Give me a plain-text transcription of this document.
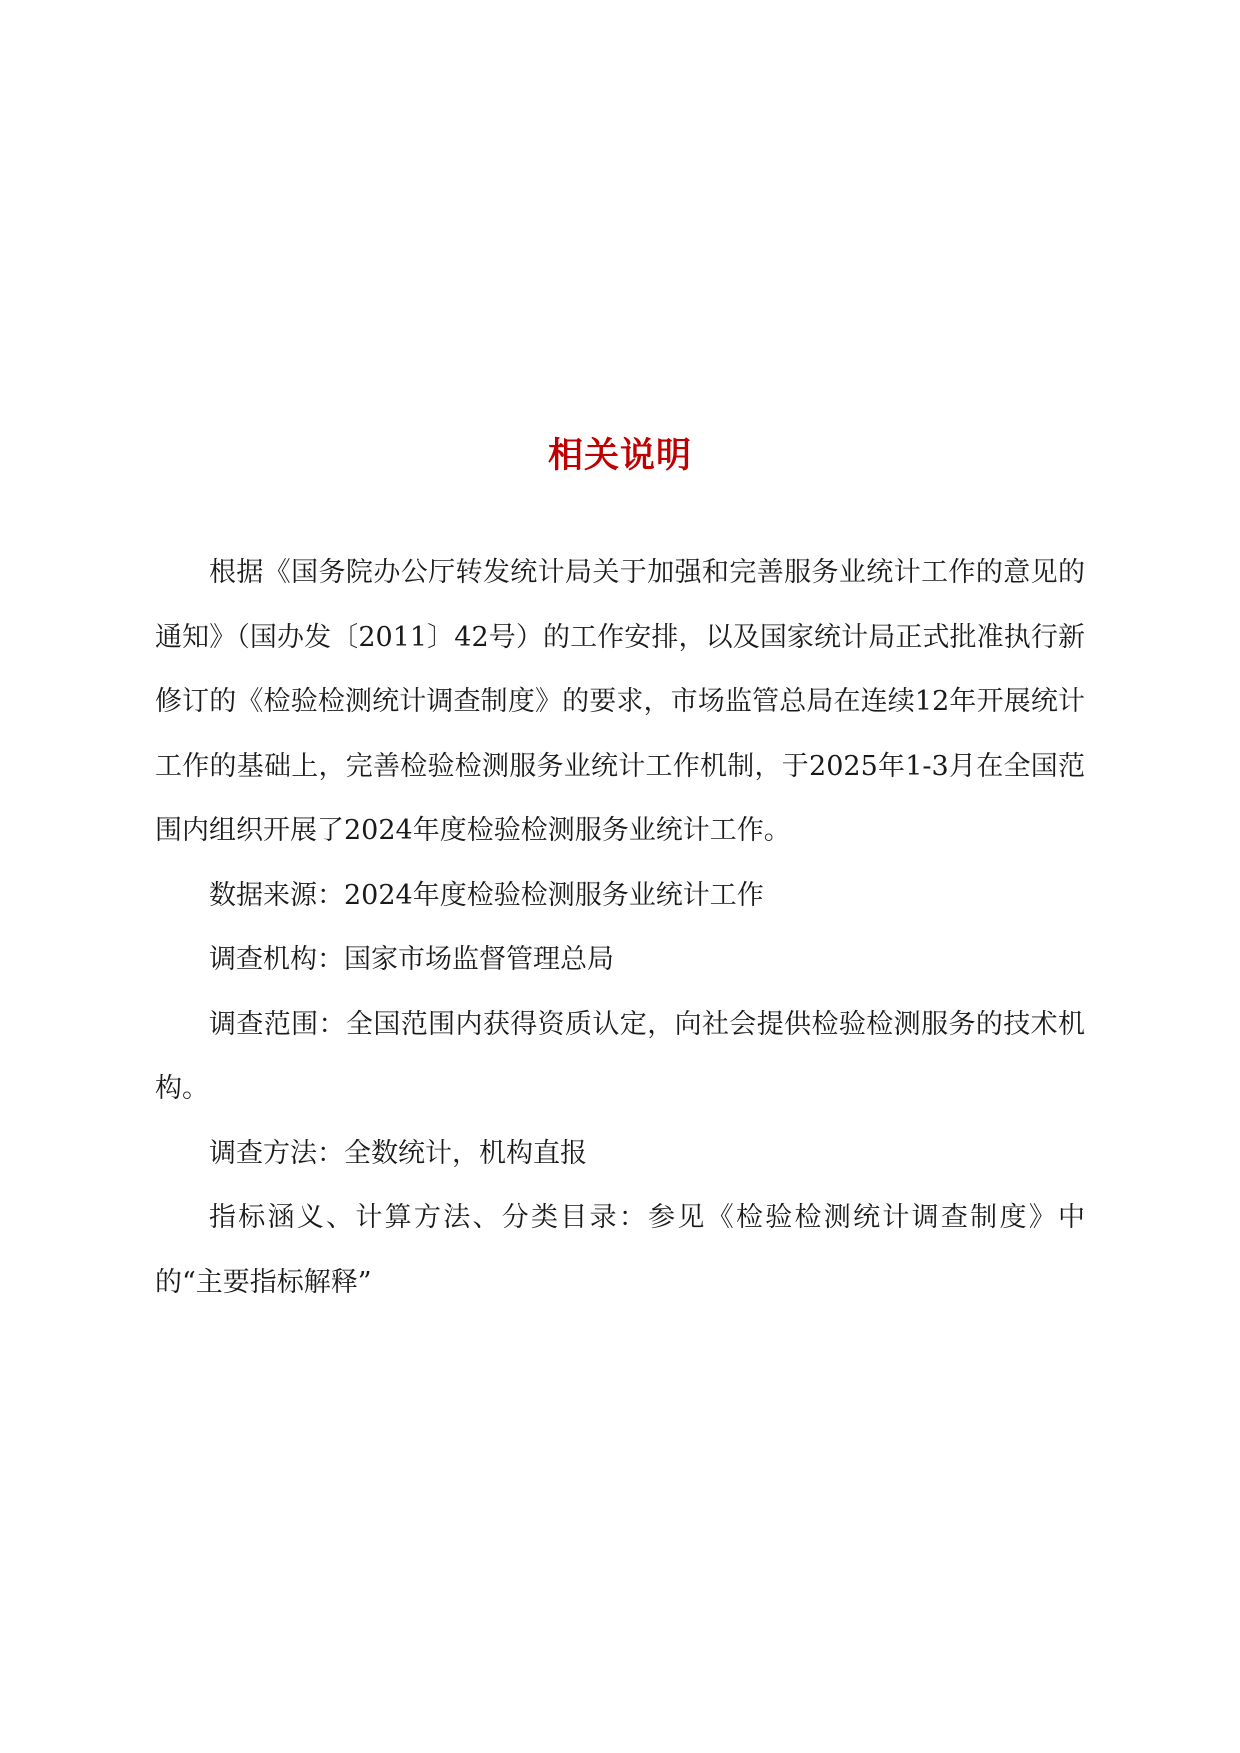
相关说明

根据《国务院办公厅转发统计局关于加强和完善服务业统计工作的意见的通知》（国办发〔2011〕42号）的工作安排，以及国家统计局正式批准执行新修订的《检验检测统计调查制度》的要求，市场监管总局在连续12年开展统计工作的基础上，完善检验检测服务业统计工作机制，于2025年1-3月在全国范围内组织开展了2024年度检验检测服务业统计工作。

数据来源：2024年度检验检测服务业统计工作

调查机构：国家市场监督管理总局

调查范围：全国范围内获得资质认定，向社会提供检验检测服务的技术机构。

调查方法：全数统计，机构直报

指标涵义、计算方法、分类目录：参见《检验检测统计调查制度》中的“主要指标解释”
